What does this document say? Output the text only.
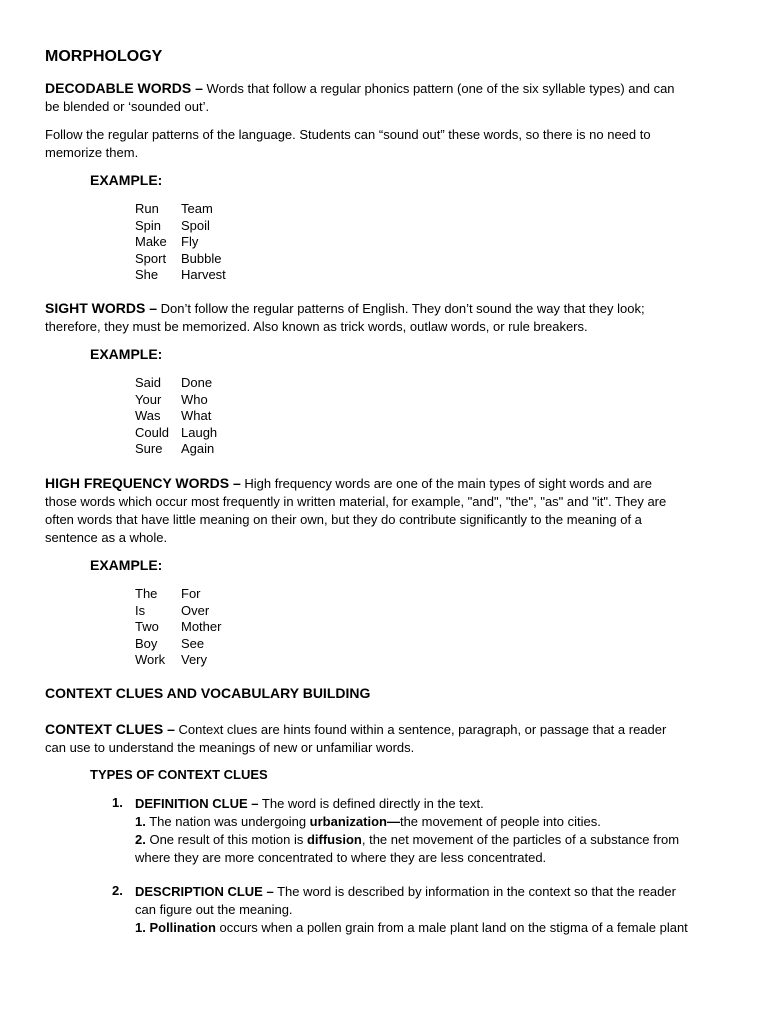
MORPHOLOGY
DECODABLE WORDS – Words that follow a regular phonics pattern (one of the six syllable types) and can
be blended or ‘sounded out’.
Follow the regular patterns of the language. Students can “sound out” these words, so there is no need to
memorize them.
EXAMPLE:
Run
Spin
Make
Sport
She
Team
Spoil
Fly
Bubble
Harvest
SIGHT WORDS – Don’t follow the regular patterns of English. They don’t sound the way that they look;
therefore, they must be memorized. Also known as trick words, outlaw words, or rule breakers.
EXAMPLE:
Said
Your
Was
Could
Sure
Done
Who
What
Laugh
Again
HIGH FREQUENCY WORDS – High frequency words are one of the main types of sight words and are
those words which occur most frequently in written material, for example, "and", "the", "as" and "it". They are
often words that have little meaning on their own, but they do contribute significantly to the meaning of a
sentence as a whole.
EXAMPLE:
The
Is
Two
Boy
Work
For
Over
Mother
See
Very
CONTEXT CLUES AND VOCABULARY BUILDING
CONTEXT CLUES – Context clues are hints found within a sentence, paragraph, or passage that a reader
can use to understand the meanings of new or unfamiliar words.
TYPES OF CONTEXT CLUES
1. DEFINITION CLUE – The word is defined directly in the text.
1. The nation was undergoing urbanization—the movement of people into cities.
2. One result of this motion is diffusion, the net movement of the particles of a substance from
where they are more concentrated to where they are less concentrated.
2. DESCRIPTION CLUE – The word is described by information in the context so that the reader
can figure out the meaning.
1. Pollination occurs when a pollen grain from a male plant land on the stigma of a female plant
